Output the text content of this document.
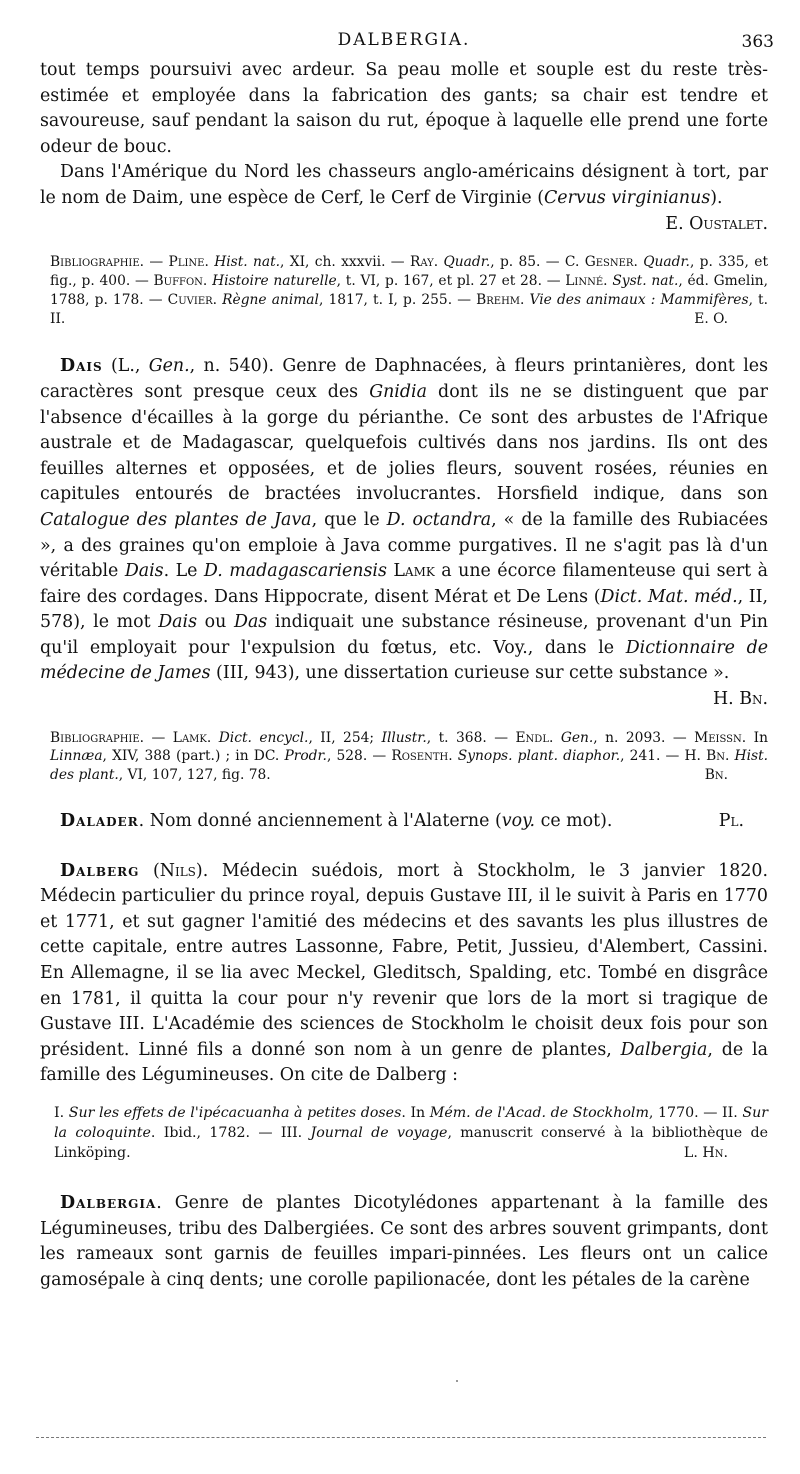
DALBERGIA.	363

tout temps poursuivi avec ardeur. Sa peau molle et souple est du reste très-estimée et employée dans la fabrication des gants; sa chair est tendre et savoureuse, sauf pendant la saison du rut, époque à laquelle elle prend une forte odeur de bouc.

Dans l'Amérique du Nord les chasseurs anglo-américains désignent à tort, par le nom de Daim, une espèce de Cerf, le Cerf de Virginie (Cervus virginianus).

E. Oustalet.

Bibliographie. — Pline. Hist. nat., XI, ch. xxxvii. — Ray. Quadr., p. 85. — C. Gesner. Quadr., p. 335, et fig., p. 400. — Buffon. Histoire naturelle, t. VI, p. 167, et pl. 27 et 28. — Linné. Syst. nat., éd. Gmelin, 1788, p. 178. — Cuvier. Règne animal, 1817, t. I, p. 255. — Brehm. Vie des animaux : Mammifères, t. II.	E. O.

Dais (L., Gen., n. 540). Genre de Daphnacées, à fleurs printanières, dont les caractères sont presque ceux des Gnidia dont ils ne se distinguent que par l'absence d'écailles à la gorge du périanthe. Ce sont des arbustes de l'Afrique australe et de Madagascar, quelquefois cultivés dans nos jardins. Ils ont des feuilles alternes et opposées, et de jolies fleurs, souvent rosées, réunies en capitules entourés de bractées involucrantes. Horsfield indique, dans son Catalogue des plantes de Java, que le D. octandra, « de la famille des Rubiacées », a des graines qu'on emploie à Java comme purgatives. Il ne s'agit pas là d'un véritable Dais. Le D. madagascariensis Lamk a une écorce filamenteuse qui sert à faire des cordages. Dans Hippocrate, disent Mérat et De Lens (Dict. Mat. méd., II, 578), le mot Dais ou Das indiquait une substance résineuse, provenant d'un Pin qu'il employait pour l'expulsion du fœtus, etc. Voy., dans le Dictionnaire de médecine de James (III, 943), une dissertation curieuse sur cette substance ».

H. Bn.

Bibliographie. — Lamk. Dict. encycl., II, 254; Illustr., t. 368. — Endl. Gen., n. 2093. — Meissn. In Linnæa, XIV, 388 (part.) ; in DC. Prodr., 528. — Rosenth. Synops. plant. diaphor., 241. — H. Bn. Hist. des plant., VI, 107, 127, fig. 78.	Bn.

Dalader. Nom donné anciennement à l'Alaterne (voy. ce mot).	Pl.

Dalberg (Nils). Médecin suédois, mort à Stockholm, le 3 janvier 1820. Médecin particulier du prince royal, depuis Gustave III, il le suivit à Paris en 1770 et 1771, et sut gagner l'amitié des médecins et des savants les plus illustres de cette capitale, entre autres Lassonne, Fabre, Petit, Jussieu, d'Alembert, Cassini. En Allemagne, il se lia avec Meckel, Gleditsch, Spalding, etc. Tombé en disgrâce en 1781, il quitta la cour pour n'y revenir que lors de la mort si tragique de Gustave III. L'Académie des sciences de Stockholm le choisit deux fois pour son président. Linné fils a donné son nom à un genre de plantes, Dalbergia, de la famille des Légumineuses. On cite de Dalberg :

I. Sur les effets de l'ipécacuanha à petites doses. In Mém. de l'Acad. de Stockholm, 1770. — II. Sur la coloquinte. Ibid., 1782. — III. Journal de voyage, manuscrit conservé à la bibliothèque de Linköping.	L. Hn.

Dalbergia. Genre de plantes Dicotylédones appartenant à la famille des Légumineuses, tribu des Dalbergiées. Ce sont des arbres souvent grimpants, dont les rameaux sont garnis de feuilles impari-pinnées. Les fleurs ont un calice gamosépale à cinq dents; une corolle papilionacée, dont les pétales de la carène
